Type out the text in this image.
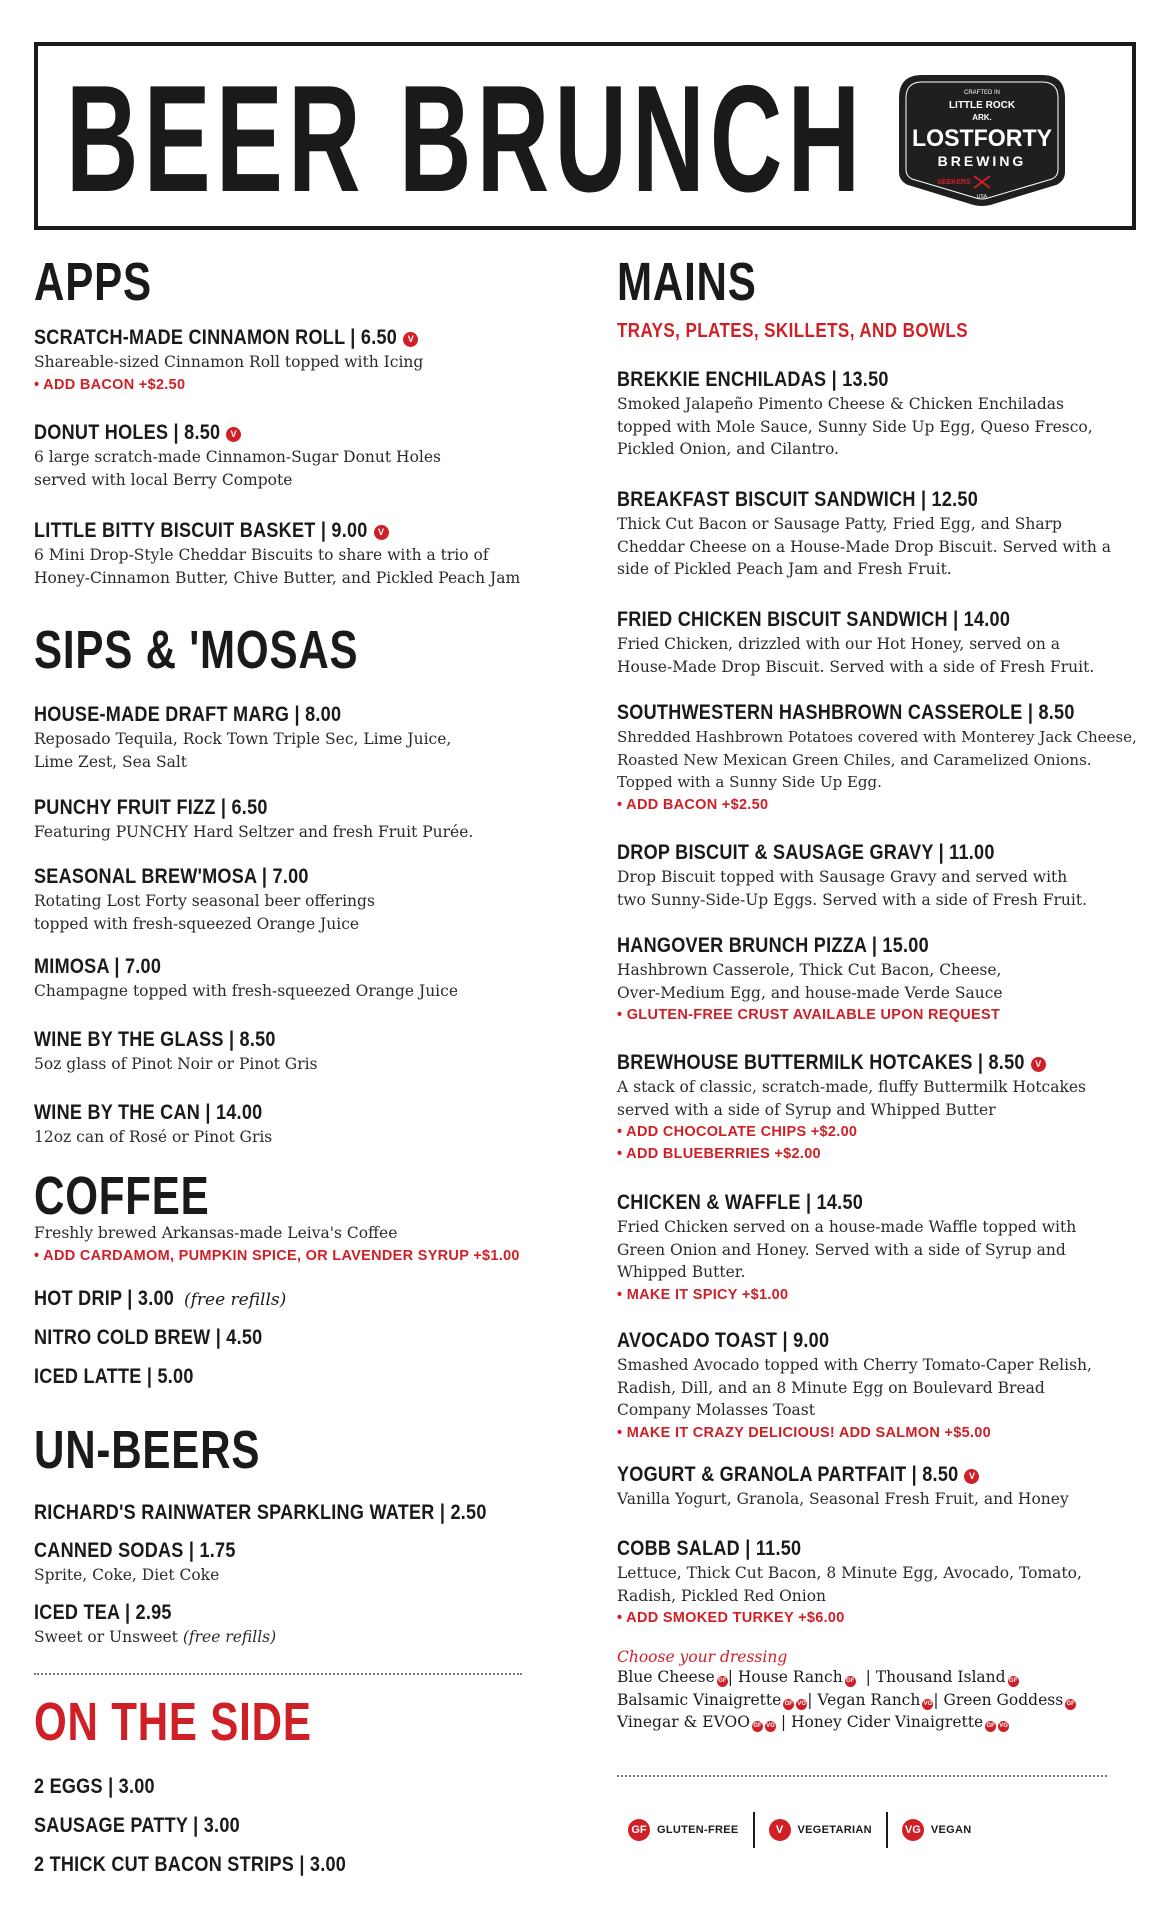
BEER BRUNCH	CRAFTED IN
LITTLE ROCK
ARK.
LOSTFORTY
BREWING
SEEKERS
USA
APPS
SCRATCH-MADE CINNAMON ROLL | 6.50 V
Shareable-sized Cinnamon Roll topped with Icing
• ADD BACON +$2.50
DONUT HOLES | 8.50 V
6 large scratch-made Cinnamon-Sugar Donut Holes served with local Berry Compote
LITTLE BITTY BISCUIT BASKET | 9.00 V
6 Mini Drop-Style Cheddar Biscuits to share with a trio of Honey-Cinnamon Butter, Chive Butter, and Pickled Peach Jam
SIPS & 'MOSAS
HOUSE-MADE DRAFT MARG | 8.00
Reposado Tequila, Rock Town Triple Sec, Lime Juice, Lime Zest, Sea Salt
PUNCHY FRUIT FIZZ | 6.50
Featuring PUNCHY Hard Seltzer and fresh Fruit Purée.
SEASONAL BREW'MOSA | 7.00
Rotating Lost Forty seasonal beer offerings topped with fresh-squeezed Orange Juice
MIMOSA | 7.00
Champagne topped with fresh-squeezed Orange Juice
WINE BY THE GLASS | 8.50
5oz glass of Pinot Noir or Pinot Gris
WINE BY THE CAN | 14.00
12oz can of Rosé or Pinot Gris
COFFEE
Freshly brewed Arkansas-made Leiva's Coffee
• ADD CARDAMOM, PUMPKIN SPICE, OR LAVENDER SYRUP +$1.00
HOT DRIP | 3.00 (free refills)
NITRO COLD BREW | 4.50
ICED LATTE | 5.00
UN-BEERS
RICHARD'S RAINWATER SPARKLING WATER | 2.50
CANNED SODAS | 1.75
Sprite, Coke, Diet Coke
ICED TEA | 2.95
Sweet or Unsweet (free refills)
ON THE SIDE
2 EGGS | 3.00
SAUSAGE PATTY | 3.00
2 THICK CUT BACON STRIPS | 3.00
MAINS
TRAYS, PLATES, SKILLETS, AND BOWLS
BREKKIE ENCHILADAS | 13.50
Smoked Jalapeño Pimento Cheese & Chicken Enchiladas topped with Mole Sauce, Sunny Side Up Egg, Queso Fresco, Pickled Onion, and Cilantro.
BREAKFAST BISCUIT SANDWICH | 12.50
Thick Cut Bacon or Sausage Patty, Fried Egg, and Sharp Cheddar Cheese on a House-Made Drop Biscuit. Served with a side of Pickled Peach Jam and Fresh Fruit.
FRIED CHICKEN BISCUIT SANDWICH | 14.00
Fried Chicken, drizzled with our Hot Honey, served on a House-Made Drop Biscuit. Served with a side of Fresh Fruit.
SOUTHWESTERN HASHBROWN CASSEROLE | 8.50
Shredded Hashbrown Potatoes covered with Monterey Jack Cheese, Roasted New Mexican Green Chiles, and Caramelized Onions. Topped with a Sunny Side Up Egg.
• ADD BACON +$2.50
DROP BISCUIT & SAUSAGE GRAVY | 11.00
Drop Biscuit topped with Sausage Gravy and served with two Sunny-Side-Up Eggs. Served with a side of Fresh Fruit.
HANGOVER BRUNCH PIZZA | 15.00
Hashbrown Casserole, Thick Cut Bacon, Cheese, Over-Medium Egg, and house-made Verde Sauce
• GLUTEN-FREE CRUST AVAILABLE UPON REQUEST
BREWHOUSE BUTTERMILK HOTCAKES | 8.50 V
A stack of classic, scratch-made, fluffy Buttermilk Hotcakes served with a side of Syrup and Whipped Butter
• ADD CHOCOLATE CHIPS +$2.00
• ADD BLUEBERRIES +$2.00
CHICKEN & WAFFLE | 14.50
Fried Chicken served on a house-made Waffle topped with Green Onion and Honey. Served with a side of Syrup and Whipped Butter.
• MAKE IT SPICY +$1.00
AVOCADO TOAST | 9.00
Smashed Avocado topped with Cherry Tomato-Caper Relish, Radish, Dill, and an 8 Minute Egg on Boulevard Bread Company Molasses Toast
• MAKE IT CRAZY DELICIOUS! ADD SALMON +$5.00
YOGURT & GRANOLA PARTFAIT | 8.50 V
Vanilla Yogurt, Granola, Seasonal Fresh Fruit, and Honey
COBB SALAD | 11.50
Lettuce, Thick Cut Bacon, 8 Minute Egg, Avocado, Tomato, Radish, Pickled Red Onion
• ADD SMOKED TURKEY +$6.00
Choose your dressing
Blue Cheese GF| House Ranch GF  | Thousand Island GF
Balsamic Vinaigrette GF VG| Vegan Ranch VG| Green Goddess GF
Vinegar & EVOO GF VG | Honey Cider Vinaigrette GF VG
GF GLUTEN-FREE	V	VEGETARIAN	VG VEGAN
